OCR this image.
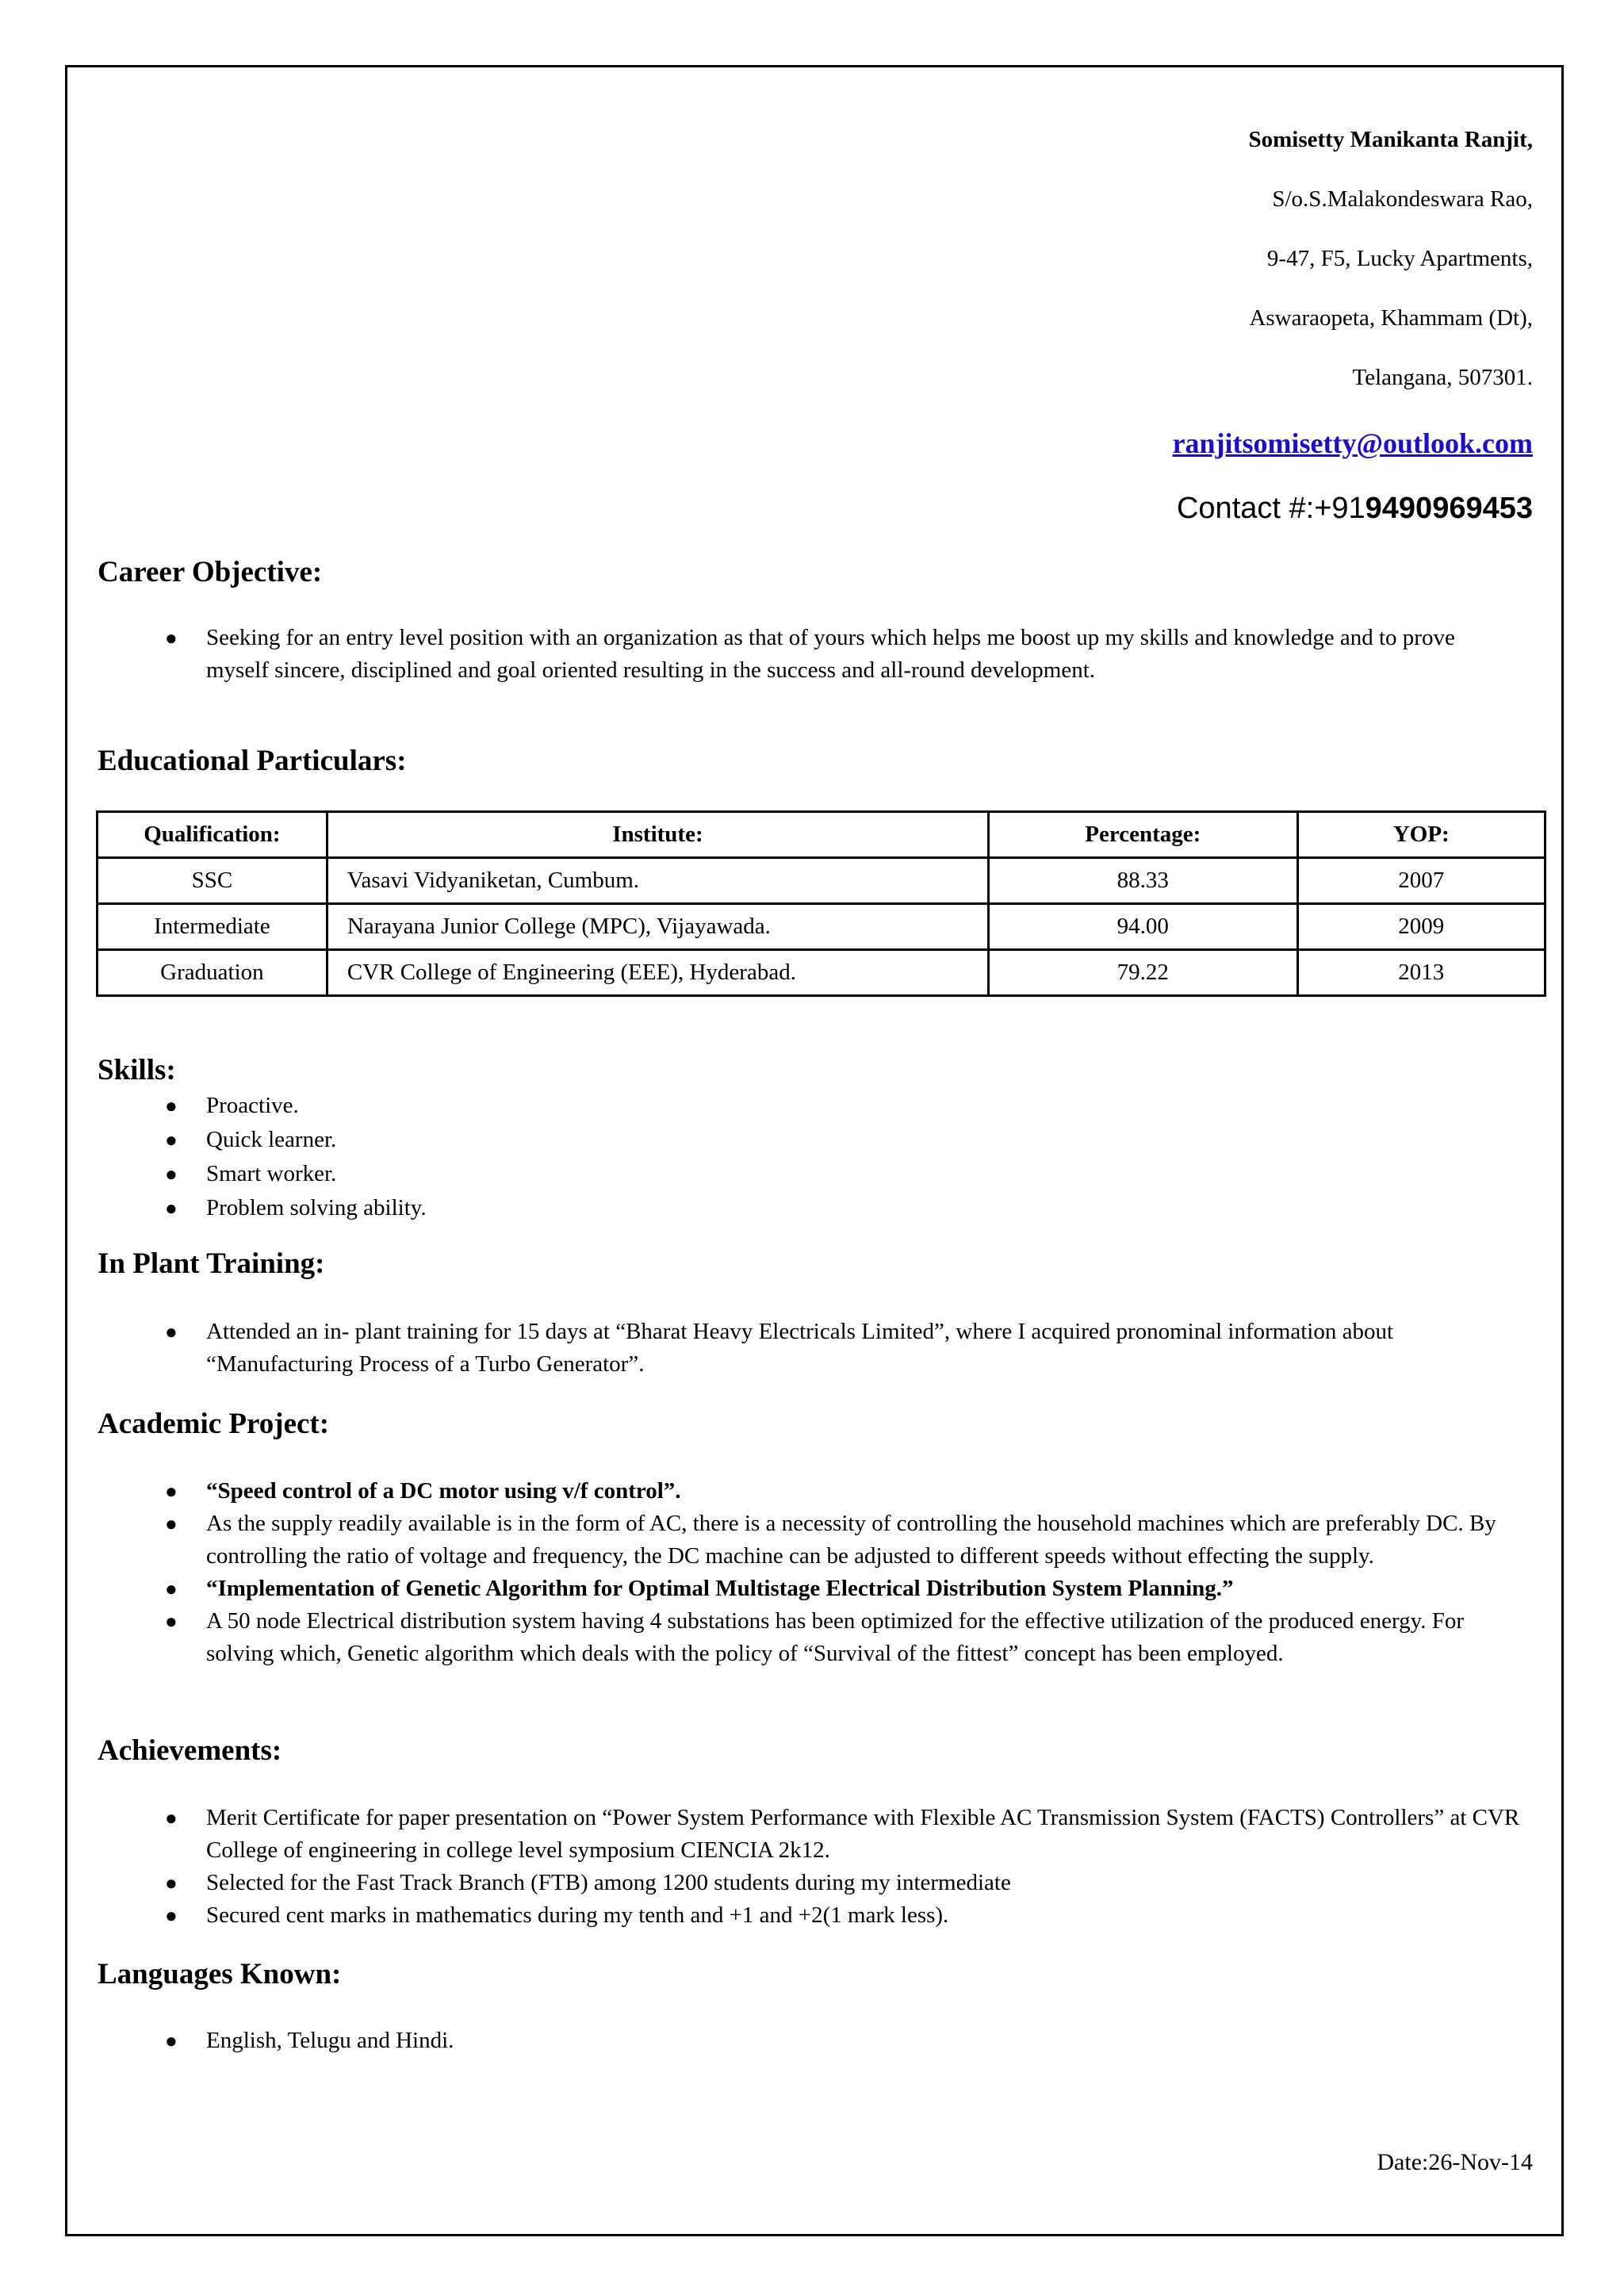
Somisetty Manikanta Ranjit,
S/o.S.Malakondeswara Rao,
9-47, F5, Lucky Apartments,
Aswaraopeta, Khammam (Dt),
Telangana, 507301.
ranjitsomisetty@outlook.com
Contact #:+919490969453
Career Objective:
● Seeking for an entry level position with an organization as that of yours which helps me boost up my skills and knowledge and to prove myself sincere, disciplined and goal oriented resulting in the success and all-round development.
Educational Particulars:
Qualification:	Institute:	Percentage:	YOP:
SSC	Vasavi Vidyaniketan, Cumbum.	88.33	2007
Intermediate	Narayana Junior College (MPC), Vijayawada.	94.00	2009
Graduation	CVR College of Engineering (EEE), Hyderabad.	79.22	2013
Skills:
● Proactive.
● Quick learner.
● Smart worker.
● Problem solving ability.
In Plant Training:
● Attended an in- plant training for 15 days at “Bharat Heavy Electricals Limited”, where I acquired pronominal information about “Manufacturing Process of a Turbo Generator”.
Academic Project:
● “Speed control of a DC motor using v/f control”.
● As the supply readily available is in the form of AC, there is a necessity of controlling the household machines which are preferably DC. By controlling the ratio of voltage and frequency, the DC machine can be adjusted to different speeds without effecting the supply.
● “Implementation of Genetic Algorithm for Optimal Multistage Electrical Distribution System Planning.”
● A 50 node Electrical distribution system having 4 substations has been optimized for the effective utilization of the produced energy. For solving which, Genetic algorithm which deals with the policy of “Survival of the fittest” concept has been employed.
Achievements:
● Merit Certificate for paper presentation on “Power System Performance with Flexible AC Transmission System (FACTS) Controllers” at CVR College of engineering in college level symposium CIENCIA 2k12.
● Selected for the Fast Track Branch (FTB) among 1200 students during my intermediate
● Secured cent marks in mathematics during my tenth and +1 and +2(1 mark less).
Languages Known:
● English, Telugu and Hindi.
Date:26-Nov-14
